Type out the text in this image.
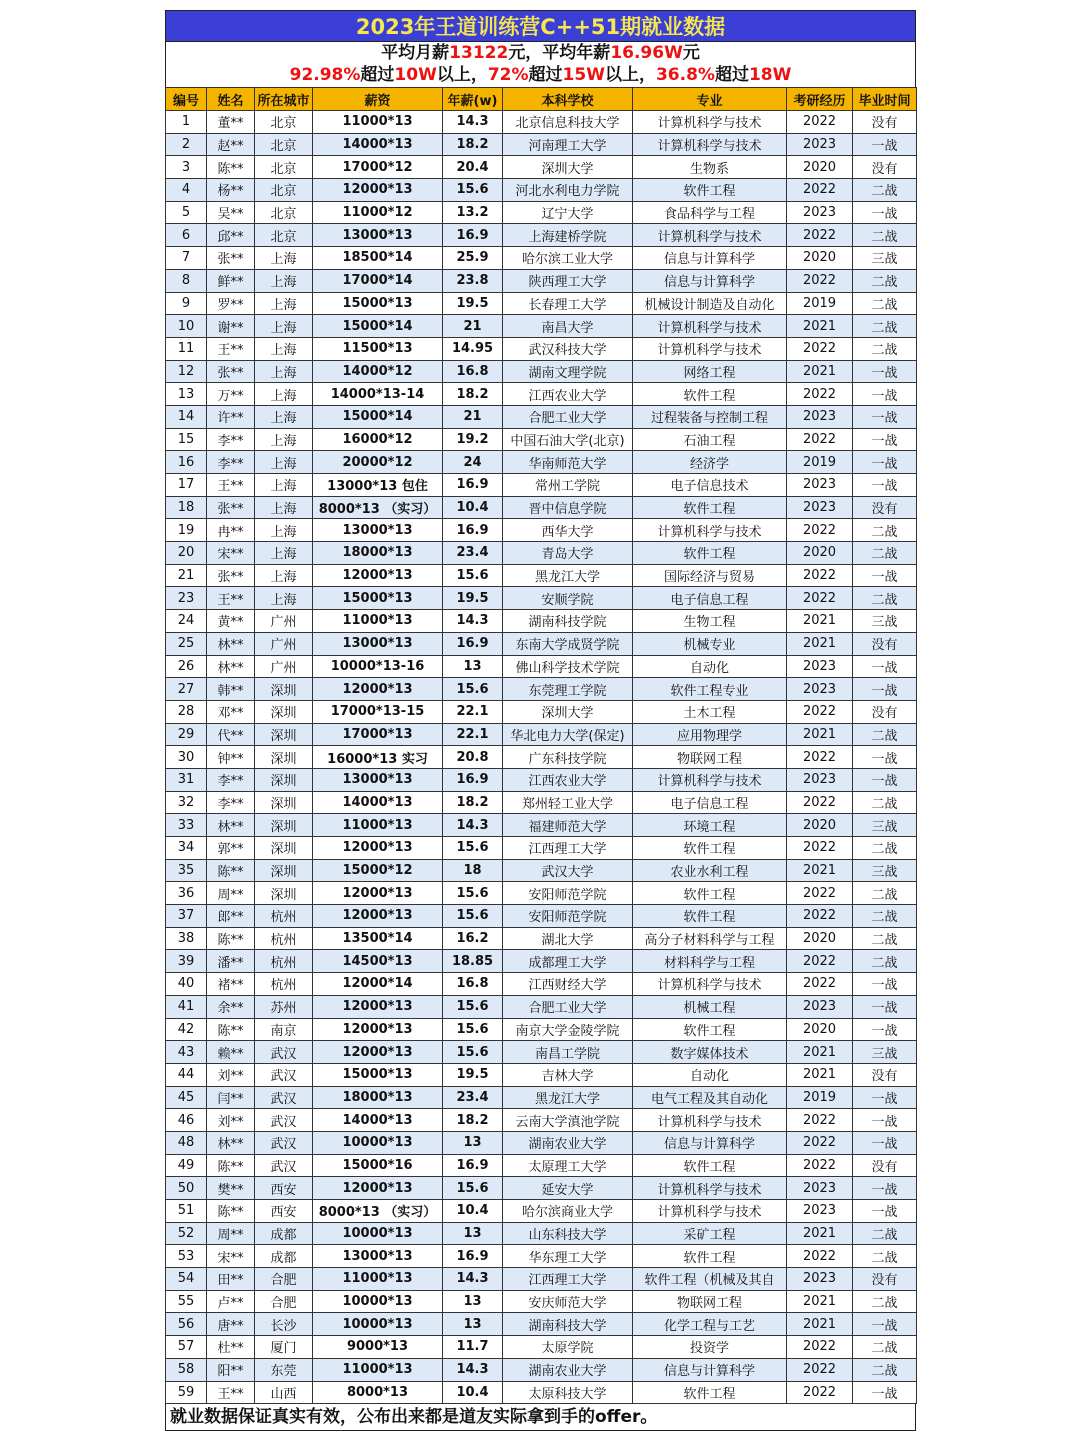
2023年王道训练营C++51期就业数据
平均月薪13122元，平均年薪16.96W元
92.98%超过10W以上，72%超过15W以上，36.8%超过18W
编号	姓名	所在城市	薪资	年薪(w)	本科学校	专业	考研经历	毕业时间
1	董**	北京	11000*13	14.3	北京信息科技大学	计算机科学与技术	2022	没有
2	赵**	北京	14000*13	18.2	河南理工大学	计算机科学与技术	2023	一战
3	陈**	北京	17000*12	20.4	深圳大学	生物系	2020	没有
4	杨**	北京	12000*13	15.6	河北水利电力学院	软件工程	2022	二战
5	吴**	北京	11000*12	13.2	辽宁大学	食品科学与工程	2023	一战
6	邱**	北京	13000*13	16.9	上海建桥学院	计算机科学与技术	2022	二战
7	张**	上海	18500*14	25.9	哈尔滨工业大学	信息与计算科学	2020	三战
8	鲜**	上海	17000*14	23.8	陕西理工大学	信息与计算科学	2022	二战
9	罗**	上海	15000*13	19.5	长春理工大学	机械设计制造及自动化	2019	二战
10	谢**	上海	15000*14	21	南昌大学	计算机科学与技术	2021	二战
11	王**	上海	11500*13	14.95	武汉科技大学	计算机科学与技术	2022	二战
12	张**	上海	14000*12	16.8	湖南文理学院	网络工程	2021	一战
13	万**	上海	14000*13-14	18.2	江西农业大学	软件工程	2022	一战
14	许**	上海	15000*14	21	合肥工业大学	过程装备与控制工程	2023	一战
15	李**	上海	16000*12	19.2	中国石油大学(北京)	石油工程	2022	一战
16	李**	上海	20000*12	24	华南师范大学	经济学	2019	一战
17	王**	上海	13000*13 包住	16.9	常州工学院	电子信息技术	2023	一战
18	张**	上海	8000*13 （实习）	10.4	晋中信息学院	软件工程	2023	没有
19	冉**	上海	13000*13	16.9	西华大学	计算机科学与技术	2022	二战
20	宋**	上海	18000*13	23.4	青岛大学	软件工程	2020	二战
21	张**	上海	12000*13	15.6	黑龙江大学	国际经济与贸易	2022	一战
23	王**	上海	15000*13	19.5	安顺学院	电子信息工程	2022	二战
24	黄**	广州	11000*13	14.3	湖南科技学院	生物工程	2021	三战
25	林**	广州	13000*13	16.9	东南大学成贤学院	机械专业	2021	没有
26	林**	广州	10000*13-16	13	佛山科学技术学院	自动化	2023	一战
27	韩**	深圳	12000*13	15.6	东莞理工学院	软件工程专业	2023	一战
28	邓**	深圳	17000*13-15	22.1	深圳大学	土木工程	2022	没有
29	代**	深圳	17000*13	22.1	华北电力大学(保定)	应用物理学	2021	二战
30	钟**	深圳	16000*13 实习	20.8	广东科技学院	物联网工程	2022	一战
31	李**	深圳	13000*13	16.9	江西农业大学	计算机科学与技术	2023	一战
32	李**	深圳	14000*13	18.2	郑州轻工业大学	电子信息工程	2022	二战
33	林**	深圳	11000*13	14.3	福建师范大学	环境工程	2020	三战
34	郭**	深圳	12000*13	15.6	江西理工大学	软件工程	2022	二战
35	陈**	深圳	15000*12	18	武汉大学	农业水利工程	2021	三战
36	周**	深圳	12000*13	15.6	安阳师范学院	软件工程	2022	二战
37	郎**	杭州	12000*13	15.6	安阳师范学院	软件工程	2022	二战
38	陈**	杭州	13500*14	16.2	湖北大学	高分子材料科学与工程	2020	二战
39	潘**	杭州	14500*13	18.85	成都理工大学	材料科学与工程	2022	二战
40	褚**	杭州	12000*14	16.8	江西财经大学	计算机科学与技术	2022	一战
41	余**	苏州	12000*13	15.6	合肥工业大学	机械工程	2023	一战
42	陈**	南京	12000*13	15.6	南京大学金陵学院	软件工程	2020	一战
43	赖**	武汉	12000*13	15.6	南昌工学院	数字媒体技术	2021	三战
44	刘**	武汉	15000*13	19.5	吉林大学	自动化	2021	没有
45	闫**	武汉	18000*13	23.4	黑龙江大学	电气工程及其自动化	2019	一战
46	刘**	武汉	14000*13	18.2	云南大学滇池学院	计算机科学与技术	2022	一战
48	林**	武汉	10000*13	13	湖南农业大学	信息与计算科学	2022	一战
49	陈**	武汉	15000*16	16.9	太原理工大学	软件工程	2022	没有
50	樊**	西安	12000*13	15.6	延安大学	计算机科学与技术	2023	一战
51	陈**	西安	8000*13 （实习）	10.4	哈尔滨商业大学	计算机科学与技术	2023	一战
52	周**	成都	10000*13	13	山东科技大学	采矿工程	2021	二战
53	宋**	成都	13000*13	16.9	华东理工大学	软件工程	2022	二战
54	田**	合肥	11000*13	14.3	江西理工大学	软件工程（机械及其自	2023	没有
55	卢**	合肥	10000*13	13	安庆师范大学	物联网工程	2021	二战
56	唐**	长沙	10000*13	13	湖南科技大学	化学工程与工艺	2021	一战
57	杜**	厦门	9000*13	11.7	太原学院	投资学	2022	二战
58	阳**	东莞	11000*13	14.3	湖南农业大学	信息与计算科学	2022	二战
59	王**	山西	8000*13	10.4	太原科技大学	软件工程	2022	一战
就业数据保证真实有效，公布出来都是道友实际拿到手的offer。
